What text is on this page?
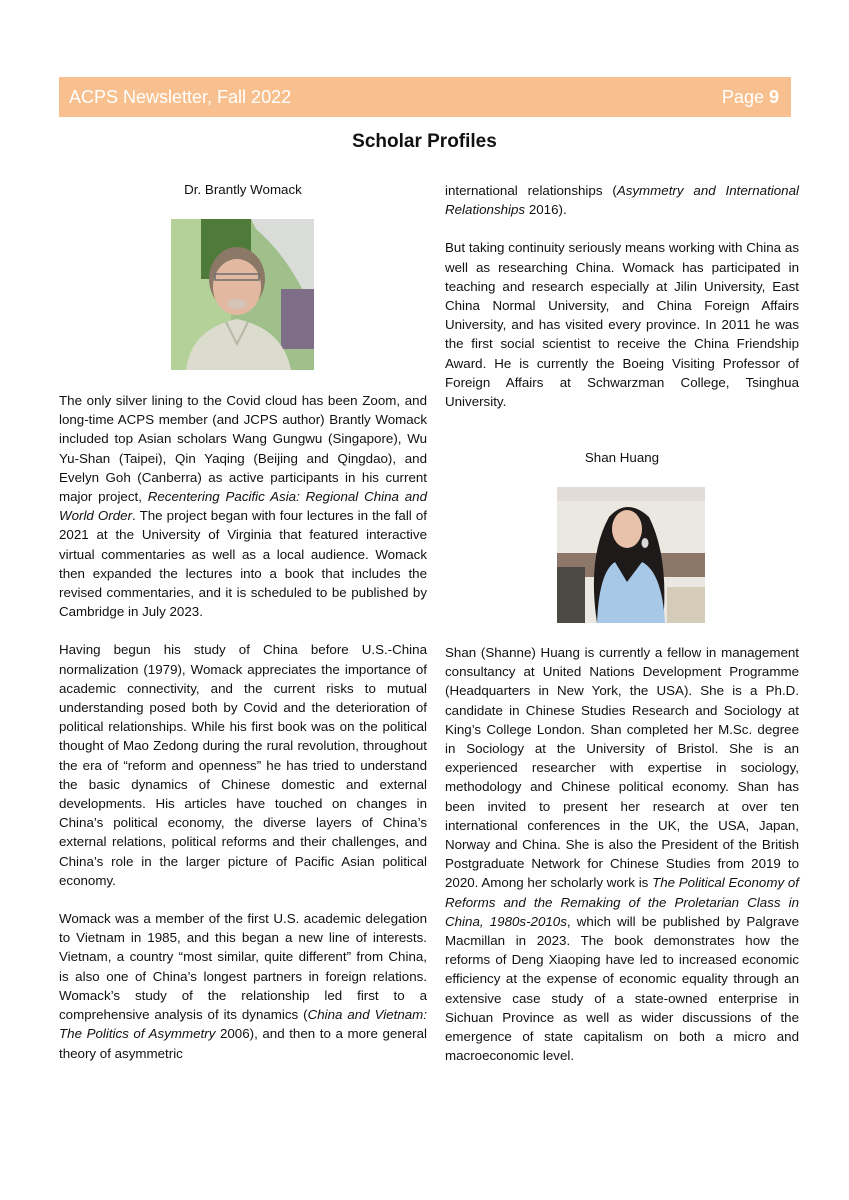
ACPS Newsletter, Fall 2022	Page 9
Scholar Profiles
Dr. Brantly Womack

The only silver lining to the Covid cloud has been Zoom, and long-time ACPS member (and JCPS author) Brantly Womack included top Asian scholars Wang Gungwu (Singapore), Wu Yu-Shan (Taipei), Qin Yaqing (Beijing and Qingdao), and Evelyn Goh (Canberra) as active participants in his current major project, Recentering Pacific Asia: Regional China and World Order. The project began with four lectures in the fall of 2021 at the University of Virginia that featured interactive virtual commentaries as well as a local audience. Womack then expanded the lectures into a book that includes the revised commentaries, and it is scheduled to be published by Cambridge in July 2023.

Having begun his study of China before U.S.-China normalization (1979), Womack appreciates the importance of academic connectivity, and the current risks to mutual understanding posed both by Covid and the deterioration of political relationships. While his first book was on the political thought of Mao Zedong during the rural revolution, throughout the era of “reform and openness” he has tried to understand the basic dynamics of Chinese domestic and external developments. His articles have touched on changes in China’s political economy, the diverse layers of China’s external relations, political reforms and their challenges, and China’s role in the larger picture of Pacific Asian political economy.

Womack was a member of the first U.S. academic delegation to Vietnam in 1985, and this began a new line of interests. Vietnam, a country “most similar, quite different” from China, is also one of China’s longest partners in foreign relations. Womack’s study of the relationship led first to a comprehensive analysis of its dynamics (China and Vietnam: The Politics of Asymmetry 2006), and then to a more general theory of asymmetric

international relationships (Asymmetry and International Relationships 2016).

But taking continuity seriously means working with China as well as researching China. Womack has participated in teaching and research especially at Jilin University, East China Normal University, and China Foreign Affairs University, and has visited every province. In 2011 he was the first social scientist to receive the China Friendship Award. He is currently the Boeing Visiting Professor of Foreign Affairs at Schwarzman College, Tsinghua University.

Shan Huang

Shan (Shanne) Huang is currently a fellow in management consultancy at United Nations Development Programme (Headquarters in New York, the USA). She is a Ph.D. candidate in Chinese Studies Research and Sociology at King’s College London. Shan completed her M.Sc. degree in Sociology at the University of Bristol. She is an experienced researcher with expertise in sociology, methodology and Chinese political economy. Shan has been invited to present her research at over ten international conferences in the UK, the USA, Japan, Norway and China. She is also the President of the British Postgraduate Network for Chinese Studies from 2019 to 2020. Among her scholarly work is The Political Economy of Reforms and the Remaking of the Proletarian Class in China, 1980s-2010s, which will be published by Palgrave Macmillan in 2023. The book demonstrates how the reforms of Deng Xiaoping have led to increased economic efficiency at the expense of economic equality through an extensive case study of a state-owned enterprise in Sichuan Province as well as wider discussions of the emergence of state capitalism on both a micro and macroeconomic level.
